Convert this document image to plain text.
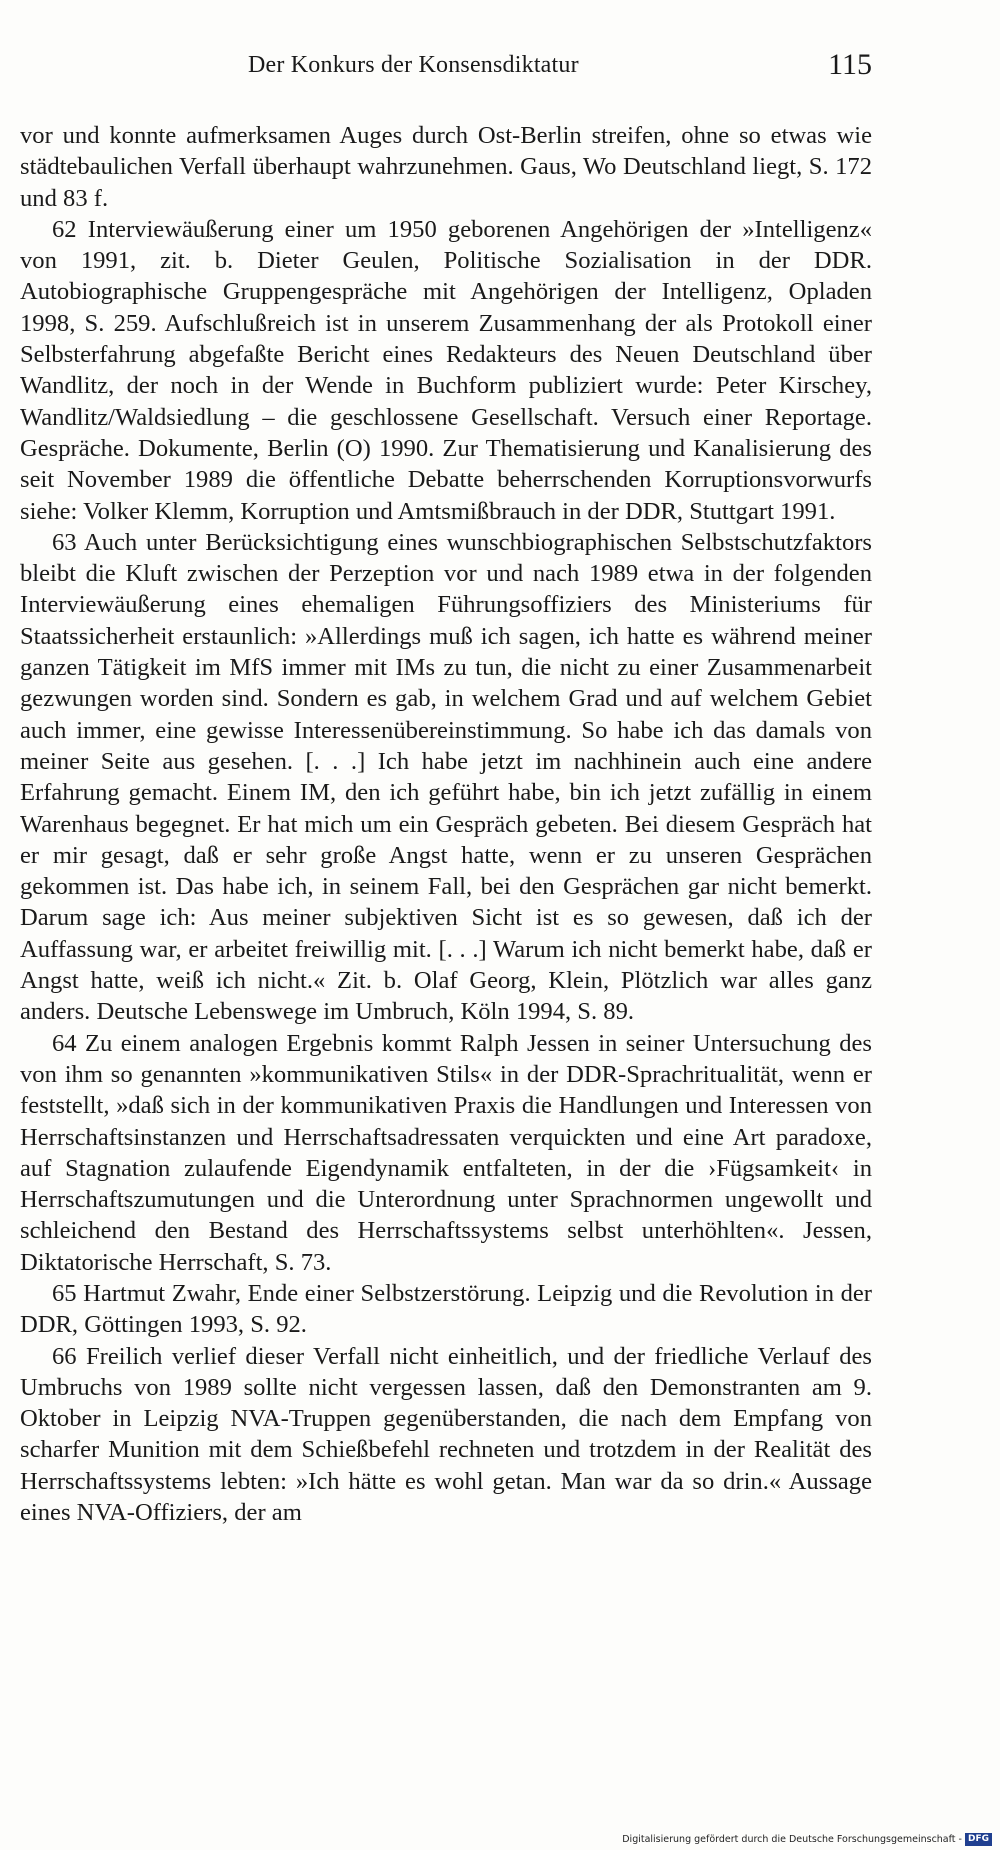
Der Konkurs der Konsensdiktatur	115

vor und konnte aufmerksamen Auges durch Ost-Berlin streifen, ohne so etwas wie städtebaulichen Verfall überhaupt wahrzunehmen. Gaus, Wo Deutschland liegt, S. 172 und 83 f.

62 Interviewäußerung einer um 1950 geborenen Angehörigen der »Intelligenz« von 1991, zit. b. Dieter Geulen, Politische Sozialisation in der DDR. Autobiographische Gruppengespräche mit Angehörigen der Intelligenz, Opladen 1998, S. 259. Aufschlußreich ist in unserem Zusammenhang der als Protokoll einer Selbsterfahrung abgefaßte Bericht eines Redakteurs des Neuen Deutschland über Wandlitz, der noch in der Wende in Buchform publiziert wurde: Peter Kirschey, Wandlitz/Waldsiedlung – die geschlossene Gesellschaft. Versuch einer Reportage. Gespräche. Dokumente, Berlin (O) 1990. Zur Thematisierung und Kanalisierung des seit November 1989 die öffentliche Debatte beherrschenden Korruptionsvorwurfs siehe: Volker Klemm, Korruption und Amtsmißbrauch in der DDR, Stuttgart 1991.

63 Auch unter Berücksichtigung eines wunschbiographischen Selbstschutzfaktors bleibt die Kluft zwischen der Perzeption vor und nach 1989 etwa in der folgenden Interviewäußerung eines ehemaligen Führungsoffiziers des Ministeriums für Staatssicherheit erstaunlich: »Allerdings muß ich sagen, ich hatte es während meiner ganzen Tätigkeit im MfS immer mit IMs zu tun, die nicht zu einer Zusammenarbeit gezwungen worden sind. Sondern es gab, in welchem Grad und auf welchem Gebiet auch immer, eine gewisse Interessenübereinstimmung. So habe ich das damals von meiner Seite aus gesehen. [. . .] Ich habe jetzt im nachhinein auch eine andere Erfahrung gemacht. Einem IM, den ich geführt habe, bin ich jetzt zufällig in einem Warenhaus begegnet. Er hat mich um ein Gespräch gebeten. Bei diesem Gespräch hat er mir gesagt, daß er sehr große Angst hatte, wenn er zu unseren Gesprächen gekommen ist. Das habe ich, in seinem Fall, bei den Gesprächen gar nicht bemerkt. Darum sage ich: Aus meiner subjektiven Sicht ist es so gewesen, daß ich der Auffassung war, er arbeitet freiwillig mit. [. . .] Warum ich nicht bemerkt habe, daß er Angst hatte, weiß ich nicht.« Zit. b. Olaf Georg, Klein, Plötzlich war alles ganz anders. Deutsche Lebenswege im Umbruch, Köln 1994, S. 89.

64 Zu einem analogen Ergebnis kommt Ralph Jessen in seiner Untersuchung des von ihm so genannten »kommunikativen Stils« in der DDR-Sprachritualität, wenn er feststellt, »daß sich in der kommunikativen Praxis die Handlungen und Interessen von Herrschaftsinstanzen und Herrschaftsadressaten verquickten und eine Art paradoxe, auf Stagnation zulaufende Eigendynamik entfalteten, in der die ›Fügsamkeit‹ in Herrschaftszumutungen und die Unterordnung unter Sprachnormen ungewollt und schleichend den Bestand des Herrschaftssystems selbst unterhöhlten«. Jessen, Diktatorische Herrschaft, S. 73.

65 Hartmut Zwahr, Ende einer Selbstzerstörung. Leipzig und die Revolution in der DDR, Göttingen 1993, S. 92.

66 Freilich verlief dieser Verfall nicht einheitlich, und der friedliche Verlauf des Umbruchs von 1989 sollte nicht vergessen lassen, daß den Demonstranten am 9. Oktober in Leipzig NVA-Truppen gegenüberstanden, die nach dem Empfang von scharfer Munition mit dem Schießbefehl rechneten und trotzdem in der Realität des Herrschaftssystems lebten: »Ich hätte es wohl getan. Man war da so drin.« Aussage eines NVA-Offiziers, der am

Digitalisierung gefördert durch die Deutsche Forschungsgemeinschaft - DFG
